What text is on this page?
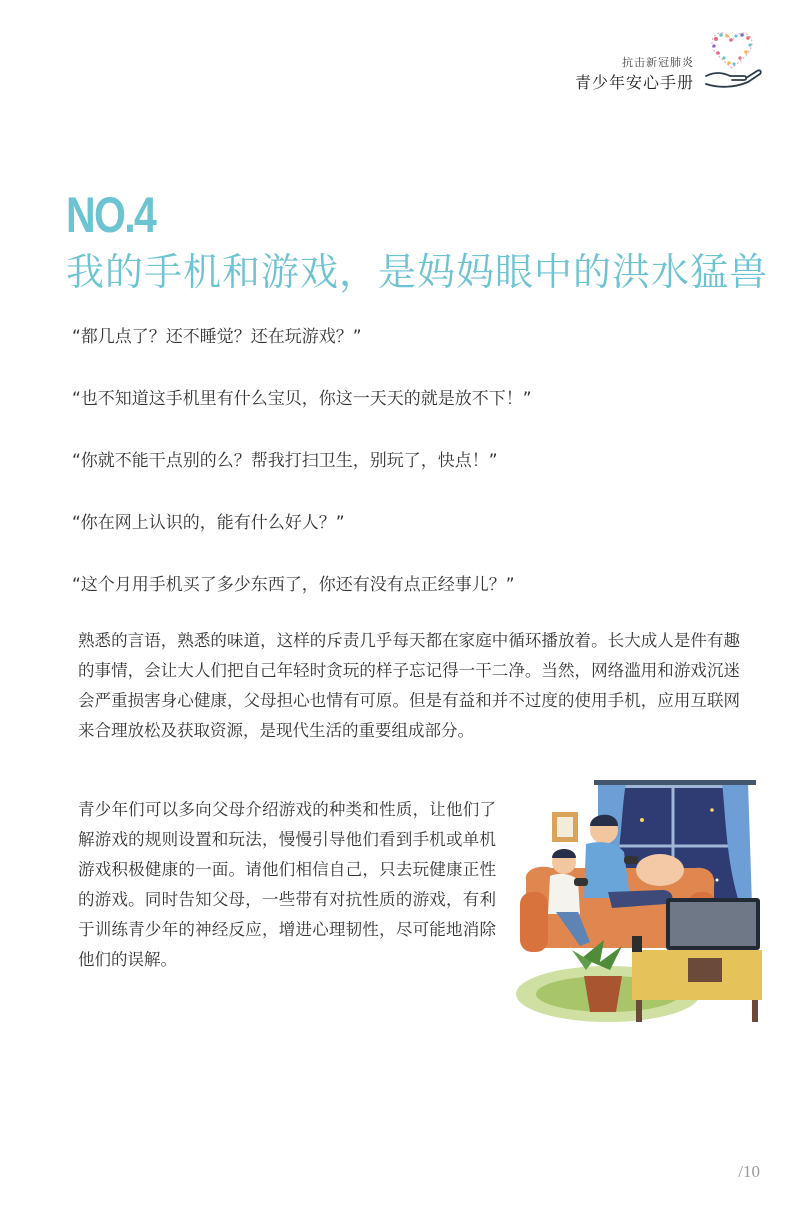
抗击新冠肺炎
青少年安心手册
NO.4
我的手机和游戏，是妈妈眼中的洪水猛兽
“都几点了？还不睡觉？还在玩游戏？”
“也不知道这手机里有什么宝贝，你这一天天的就是放不下！”
“你就不能干点别的么？帮我打扫卫生，别玩了，快点！”
“你在网上认识的，能有什么好人？”
“这个月用手机买了多少东西了，你还有没有点正经事儿？”
熟悉的言语，熟悉的味道，这样的斥责几乎每天都在家庭中循环播放着。长大成人是件有趣的事情，会让大人们把自己年轻时贪玩的样子忘记得一干二净。当然，网络滥用和游戏沉迷会严重损害身心健康，父母担心也情有可原。但是有益和并不过度的使用手机，应用互联网来合理放松及获取资源，是现代生活的重要组成部分。
青少年们可以多向父母介绍游戏的种类和性质，让他们了解游戏的规则设置和玩法，慢慢引导他们看到手机或单机游戏积极健康的一面。请他们相信自己，只去玩健康正性的游戏。同时告知父母，一些带有对抗性质的游戏，有利于训练青少年的神经反应，增进心理韧性，尽可能地消除他们的误解。
/10
